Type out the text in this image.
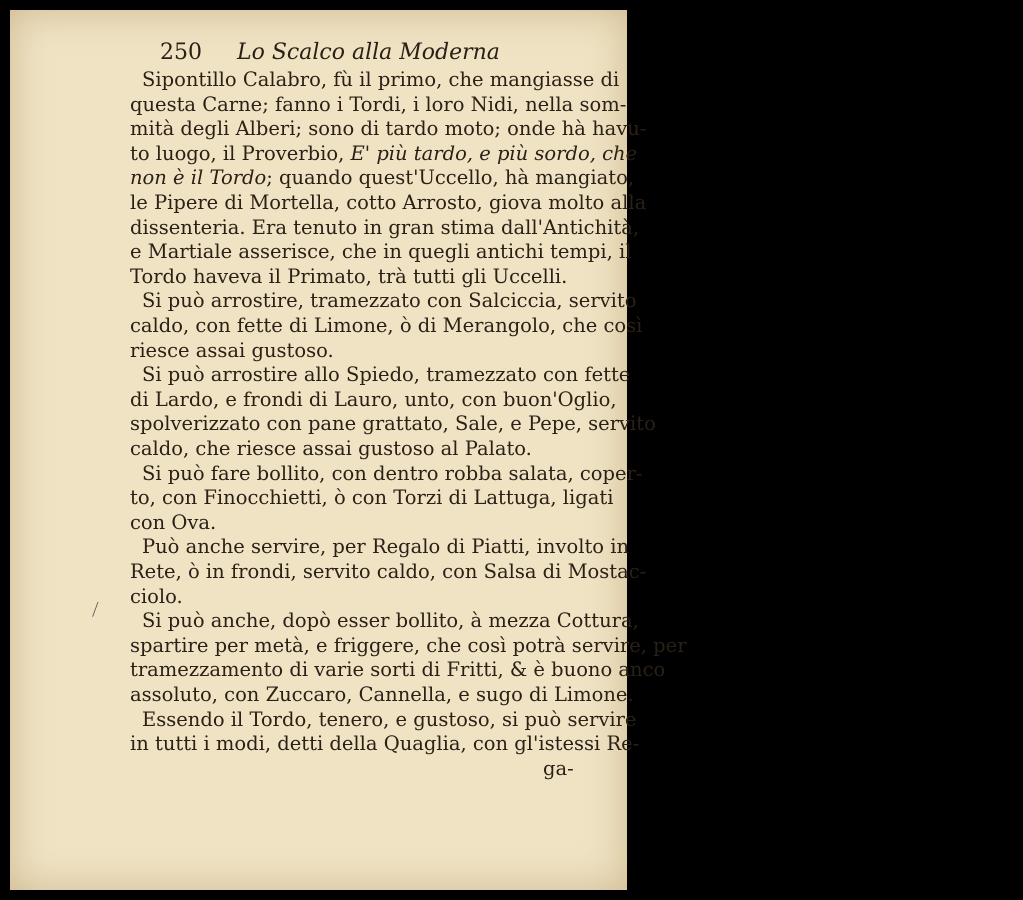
250 Lo Scalco alla Moderna
Sipontillo Calabro, fù il primo, che mangiasse di
questa Carne; fanno i Tordi, i loro Nidi, nella som-
mità degli Alberi; sono di tardo moto; onde hà havu-
to luogo, il Proverbio, E' più tardo, e più sordo, che
non è il Tordo; quando quest'Uccello, hà mangiato,
le Pipere di Mortella, cotto Arrosto, giova molto alla
dissenteria. Era tenuto in gran stima dall'Antichità,
e Martiale asserisce, che in quegli antichi tempi, il
Tordo haveva il Primato, trà tutti gli Uccelli.
Si può arrostire, tramezzato con Salciccia, servito
caldo, con fette di Limone, ò di Merangolo, che così
riesce assai gustoso.
Si può arrostire allo Spiedo, tramezzato con fette
di Lardo, e frondi di Lauro, unto, con buon'Oglio,
spolverizzato con pane grattato, Sale, e Pepe, servito
caldo, che riesce assai gustoso al Palato.
Si può fare bollito, con dentro robba salata, coper-
to, con Finocchietti, ò con Torzi di Lattuga, ligati
con Ova.
Può anche servire, per Regalo di Piatti, involto in
Rete, ò in frondi, servito caldo, con Salsa di Mostac-
ciolo.
Si può anche, dopò esser bollito, à mezza Cottura,
spartire per metà, e friggere, che così potrà servire, per
tramezzamento di varie sorti di Fritti, & è buono anco
assoluto, con Zuccaro, Cannella, e sugo di Limone.
Essendo il Tordo, tenero, e gustoso, si può servire
in tutti i modi, detti della Quaglia, con gl'istessi Re-
ga-
⟋
